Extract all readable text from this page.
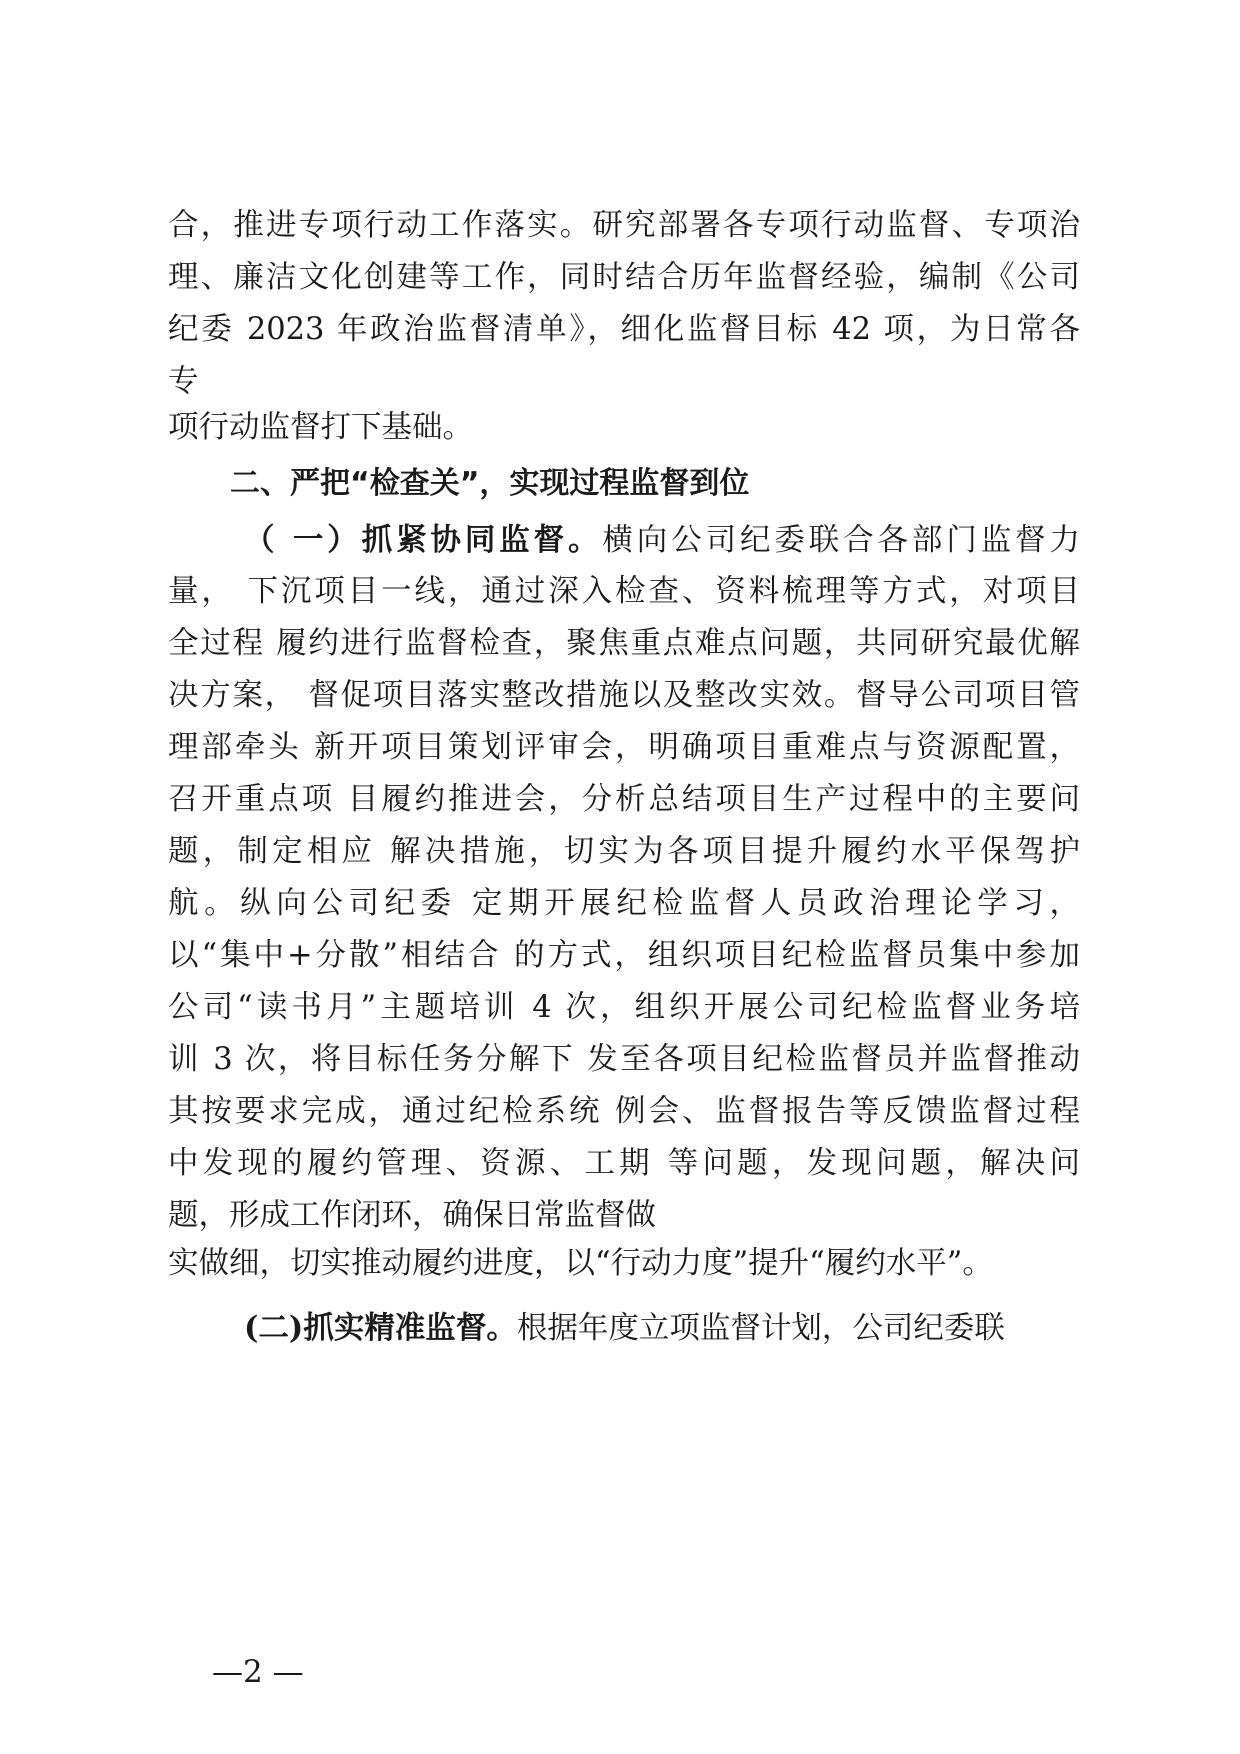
合，推进专项行动工作落实。研究部署各专项行动监督、专项治
理、廉洁文化创建等工作，同时结合历年监督经验，编制《公司
纪委 2023 年政治监督清单》，细化监督目标 42 项，为日常各
专
项行动监督打下基础。
二、严把“检查关”，实现过程监督到位
（ 一）抓紧协同监督。横向公司纪委联合各部门监督力
量， 下沉项目一线，通过深入检查、资料梳理等方式，对项目
全过程 履约进行监督检查，聚焦重点难点问题，共同研究最优解
决方案， 督促项目落实整改措施以及整改实效。督导公司项目管
理部牵头 新开项目策划评审会，明确项目重难点与资源配置，
召开重点项 目履约推进会，分析总结项目生产过程中的主要问
题，制定相应 解决措施，切实为各项目提升履约水平保驾护
航。纵向公司纪委 定期开展纪检监督人员政治理论学习，
以“集中+分散”相结合 的方式，组织项目纪检监督员集中参加
公司“读书月”主题培训 4 次，组织开展公司纪检监督业务培
训 3 次，将目标任务分解下 发至各项目纪检监督员并监督推动
其按要求完成，通过纪检系统 例会、监督报告等反馈监督过程
中发现的履约管理、资源、工期 等问题，发现问题，解决问
题，形成工作闭环，确保日常监督做
实做细，切实推动履约进度，以“行动力度”提升“履约水平”。
(二)抓实精准监督。根据年度立项监督计划，公司纪委联
—2 —
